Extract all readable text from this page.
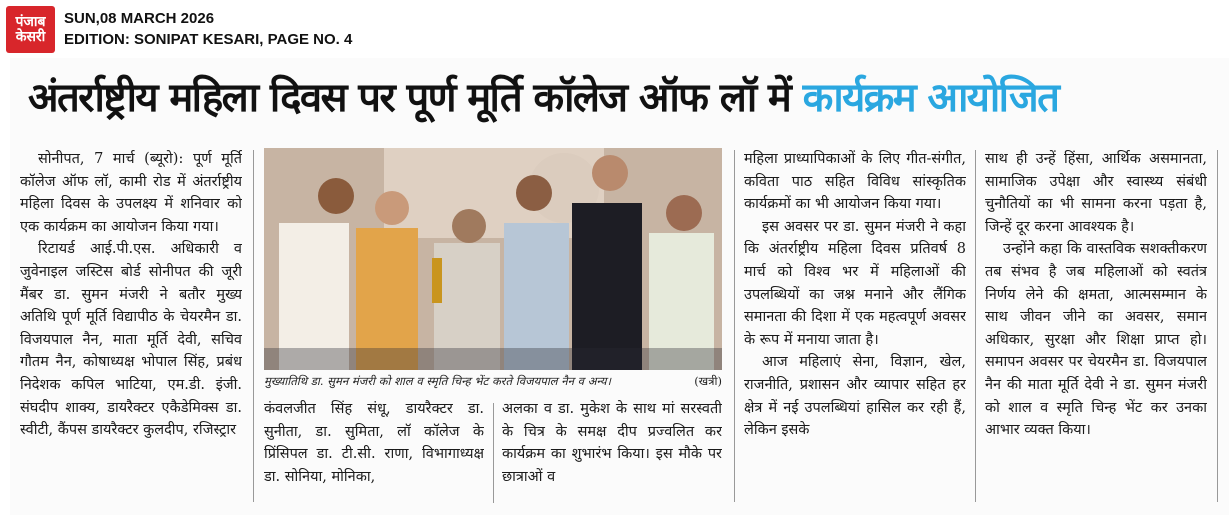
पंजाब
केसरी
SUN,08 MARCH 2026
EDITION: SONIPAT KESARI, PAGE NO. 4
अंतर्राष्ट्रीय महिला दिवस पर पूर्ण मूर्ति कॉलेज ऑफ लॉ में कार्यक्रम आयोजित

सोनीपत, 7 मार्च (ब्यूरो): पूर्ण मूर्ति कॉलेज ऑफ लॉ, कामी रोड में अंतर्राष्ट्रीय महिला दिवस के उपलक्ष्य में शनिवार को एक कार्यक्रम का आयोजन किया गया।

रिटायर्ड आई.पी.एस. अधिकारी व जुवेनाइल जस्टिस बोर्ड सोनीपत की जूरी मैंबर डा. सुमन मंजरी ने बतौर मुख्य अतिथि पूर्ण मूर्ति विद्यापीठ के चेयरमैन डा. विजयपाल नैन, माता मूर्ति देवी, सचिव गौतम नैन, कोषाध्यक्ष भोपाल सिंह, प्रबंध निदेशक कपिल भाटिया, एम.डी. इंजी. संघदीप शाक्य, डायरैक्टर एकैडेमिक्स डा. स्वीटी, कैंपस डायरैक्टर कुलदीप, रजिस्ट्रार

मुख्यातिथि डा. सुमन मंजरी को शाल व स्मृति चिन्ह भेंट करते विजयपाल नैन व अन्य।	(खत्री)

कंवलजीत सिंह संधू, डायरैक्टर डा. सुनीता, डा. सुमिता, लॉ कॉलेज के प्रिंसिपल डा. टी.सी. राणा, विभागाध्यक्ष डा. सोनिया, मोनिका,

अलका व डा. मुकेश के साथ मां सरस्वती के चित्र के समक्ष दीप प्रज्वलित कर कार्यक्रम का शुभारंभ किया। इस मौके पर छात्राओं व

महिला प्राध्यापिकाओं के लिए गीत-संगीत, कविता पाठ सहित विविध सांस्कृतिक कार्यक्रमों का भी आयोजन किया गया।

इस अवसर पर डा. सुमन मंजरी ने कहा कि अंतर्राष्ट्रीय महिला दिवस प्रतिवर्ष 8 मार्च को विश्व भर में महिलाओं की उपलब्धियों का जश्न मनाने और लैंगिक समानता की दिशा में एक महत्वपूर्ण अवसर के रूप में मनाया जाता है।

आज महिलाएं सेना, विज्ञान, खेल, राजनीति, प्रशासन और व्यापार सहित हर क्षेत्र में नई उपलब्धियां हासिल कर रही हैं, लेकिन इसके

साथ ही उन्हें हिंसा, आर्थिक असमानता, सामाजिक उपेक्षा और स्वास्थ्य संबंधी चुनौतियों का भी सामना करना पड़ता है, जिन्हें दूर करना आवश्यक है।

उन्होंने कहा कि वास्तविक सशक्तीकरण तब संभव है जब महिलाओं को स्वतंत्र निर्णय लेने की क्षमता, आत्मसम्मान के साथ जीवन जीने का अवसर, समान अधिकार, सुरक्षा और शिक्षा प्राप्त हो। समापन अवसर पर चेयरमैन डा. विजयपाल नैन की माता मूर्ति देवी ने डा. सुमन मंजरी को शाल व स्मृति चिन्ह भेंट कर उनका आभार व्यक्त किया।
